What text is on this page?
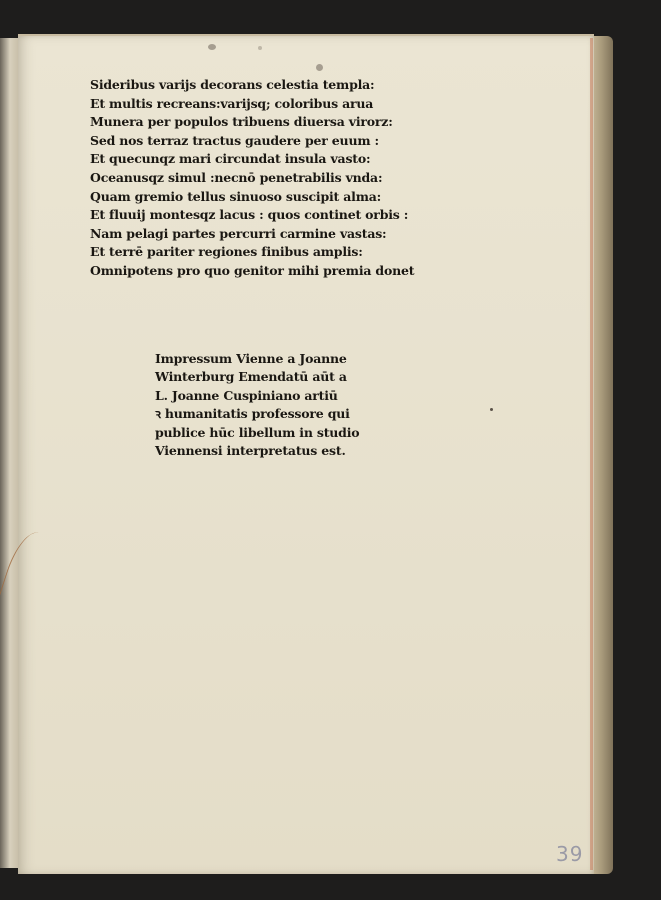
Sideribus varijs decorans celestia templa:
Et multis recreans:varijsq; coloribus arua
Munera per populos tribuens diuersa virorz:
Sed nos terraz tractus gaudere per euum :
Et quecunqz mari circundat insula vasto:
Oceanusqz simul :necnō penetrabilis vnda:
Quam gremio tellus sinuoso suscipit alma:
Et fluuij montesqz lacus : quos continet orbis :
Nam pelagi partes percurri carmine vastas:
Et terrē pariter regiones finibus amplis:
Omnipotens pro quo genitor mihi premia donet
Impressum Vienne a Joanne
Winterburg Emendatū aūt a
L. Joanne Cuspiniano artiū
ꝛ humanitatis professore qui
publice hūc libellum in studio
Viennensi interpretatus est.
39
